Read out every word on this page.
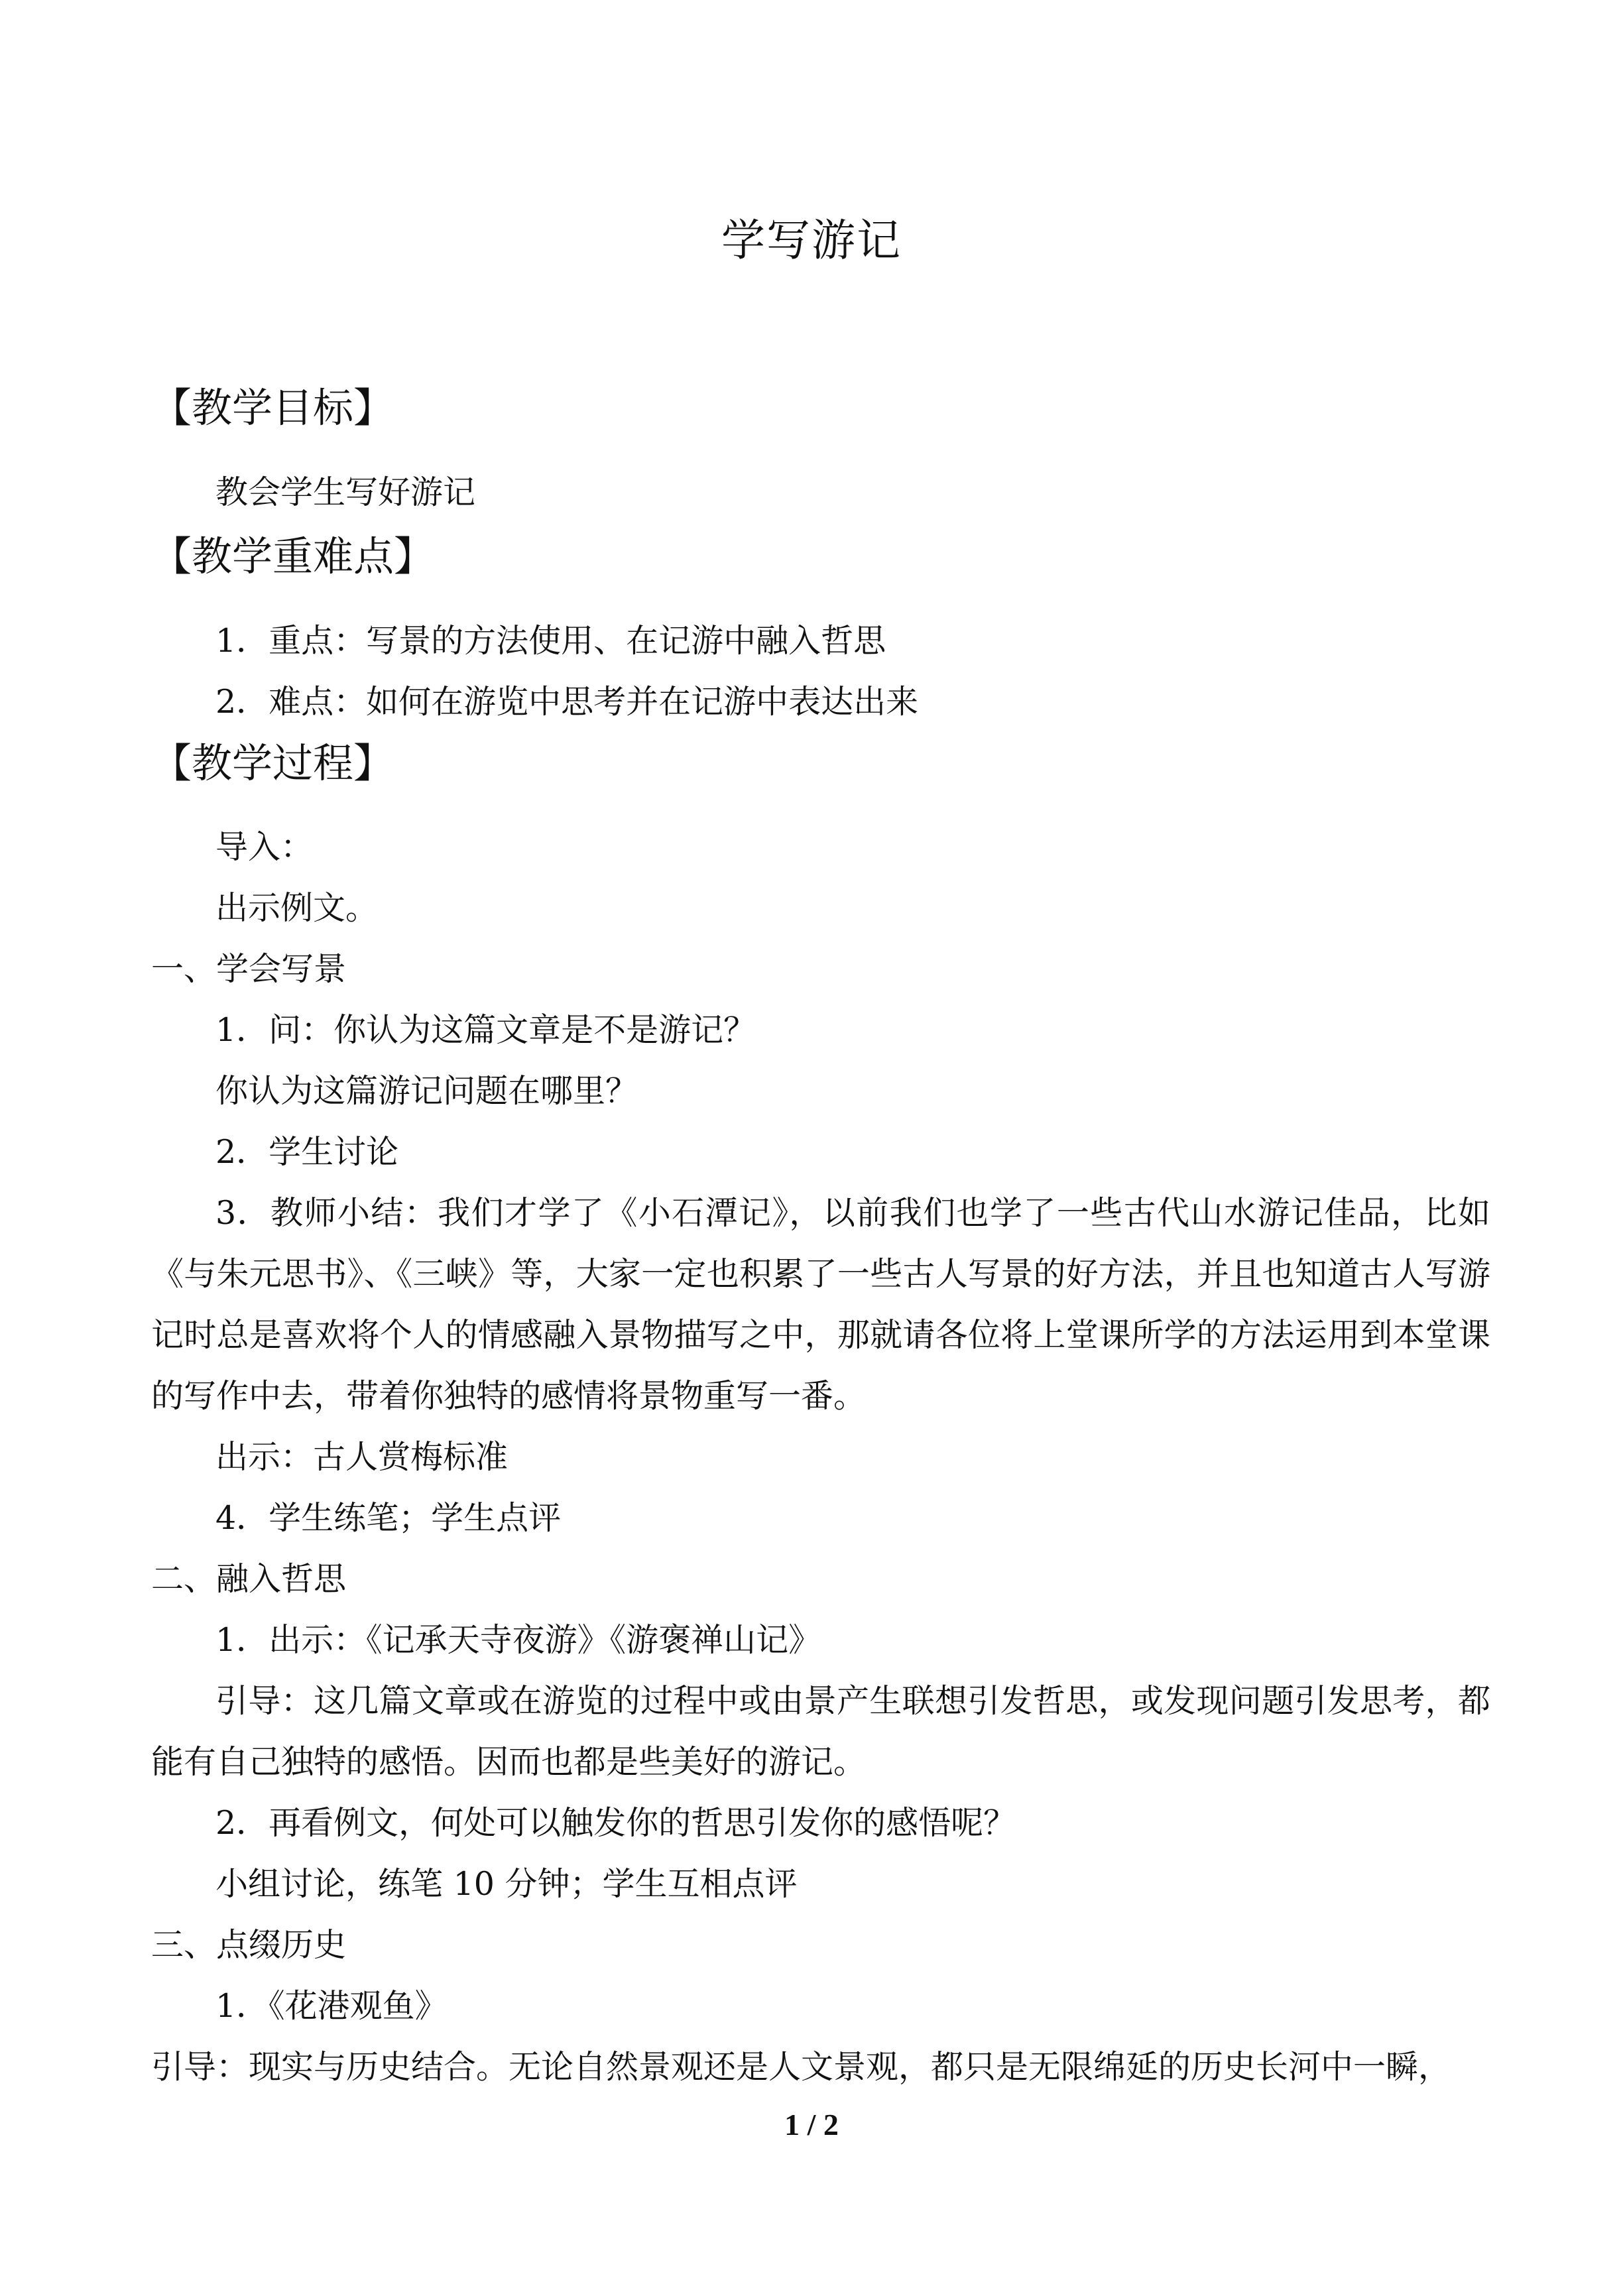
学写游记
【教学目标】
教会学生写好游记
【教学重难点】
1．重点：写景的方法使用、在记游中融入哲思
2．难点：如何在游览中思考并在记游中表达出来
【教学过程】
导入：
出示例文。
一、学会写景
1．问：你认为这篇文章是不是游记？
你认为这篇游记问题在哪里？
2．学生讨论
3．教师小结：我们才学了《小石潭记》，以前我们也学了一些古代山水游记佳品，比如《与朱元思书》、《三峡》等，大家一定也积累了一些古人写景的好方法，并且也知道古人写游记时总是喜欢将个人的情感融入景物描写之中，那就请各位将上堂课所学的方法运用到本堂课的写作中去，带着你独特的感情将景物重写一番。
出示：古人赏梅标准
4．学生练笔；学生点评
二、融入哲思
1．出示：《记承天寺夜游》《游褒禅山记》
引导：这几篇文章或在游览的过程中或由景产生联想引发哲思，或发现问题引发思考，都能有自己独特的感悟。因而也都是些美好的游记。
2．再看例文，何处可以触发你的哲思引发你的感悟呢？
小组讨论，练笔 10 分钟；学生互相点评
三、点缀历史
1．《花港观鱼》
引导：现实与历史结合。无论自然景观还是人文景观，都只是无限绵延的历史长河中一瞬，
1 / 2
